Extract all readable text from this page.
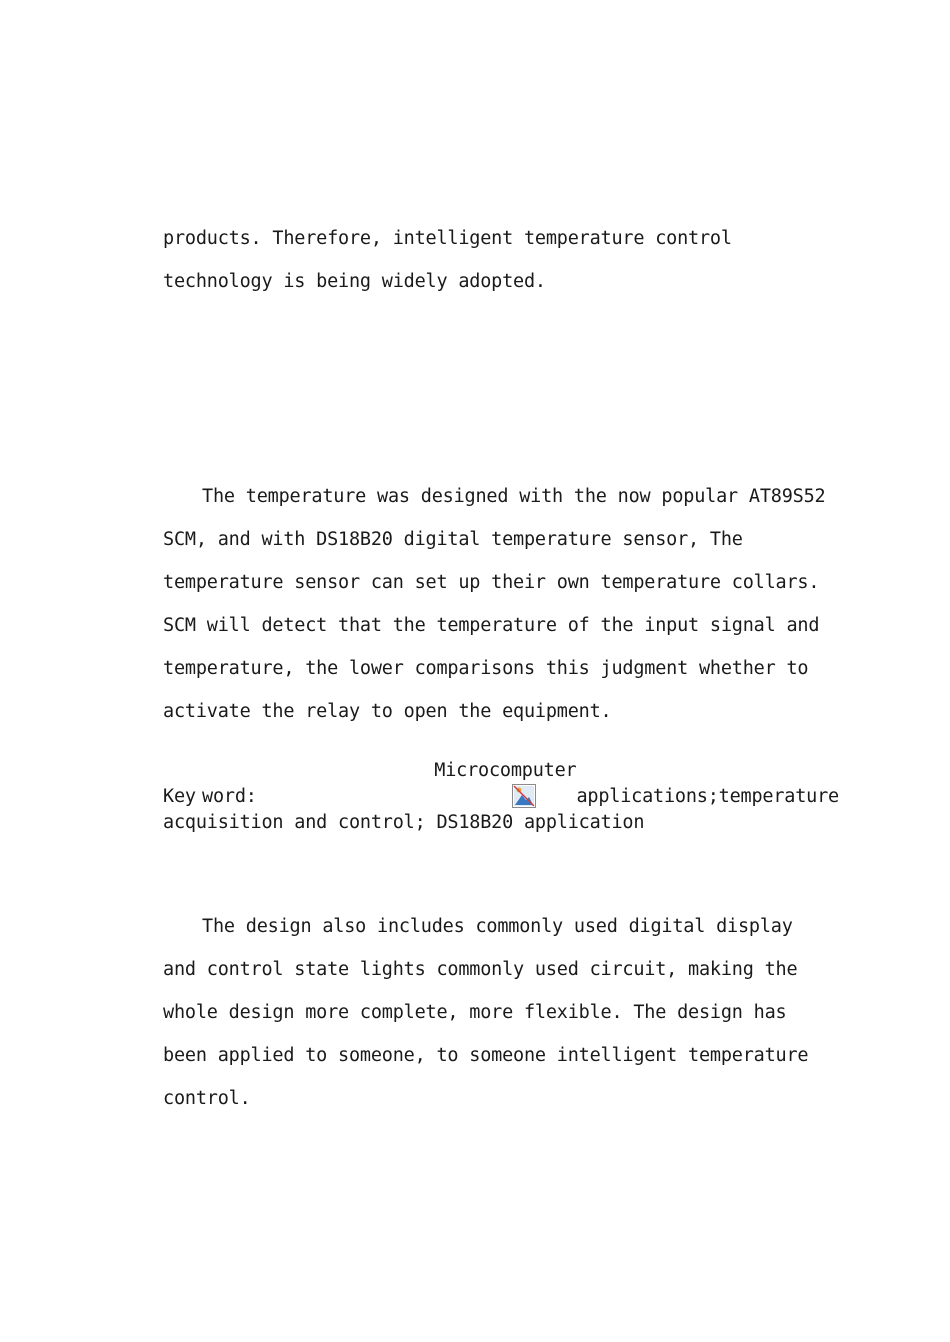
products. Therefore, intelligent temperature control
technology is being widely adopted.

The temperature was designed with the now popular AT89S52
SCM, and with DS18B20 digital temperature sensor, The
temperature sensor can set up their own temperature collars.
SCM will detect that the temperature of the input signal and
temperature, the lower comparisons this judgment whether to
activate the relay to open the equipment.

The design also includes commonly used digital display
and control state lights commonly used circuit, making the
whole design more complete, more flexible. The design has
been applied to someone, to someone intelligent temperature
control.

Key word:

Microcomputer

applications; temperature
acquisition and control; DS18B20 application
